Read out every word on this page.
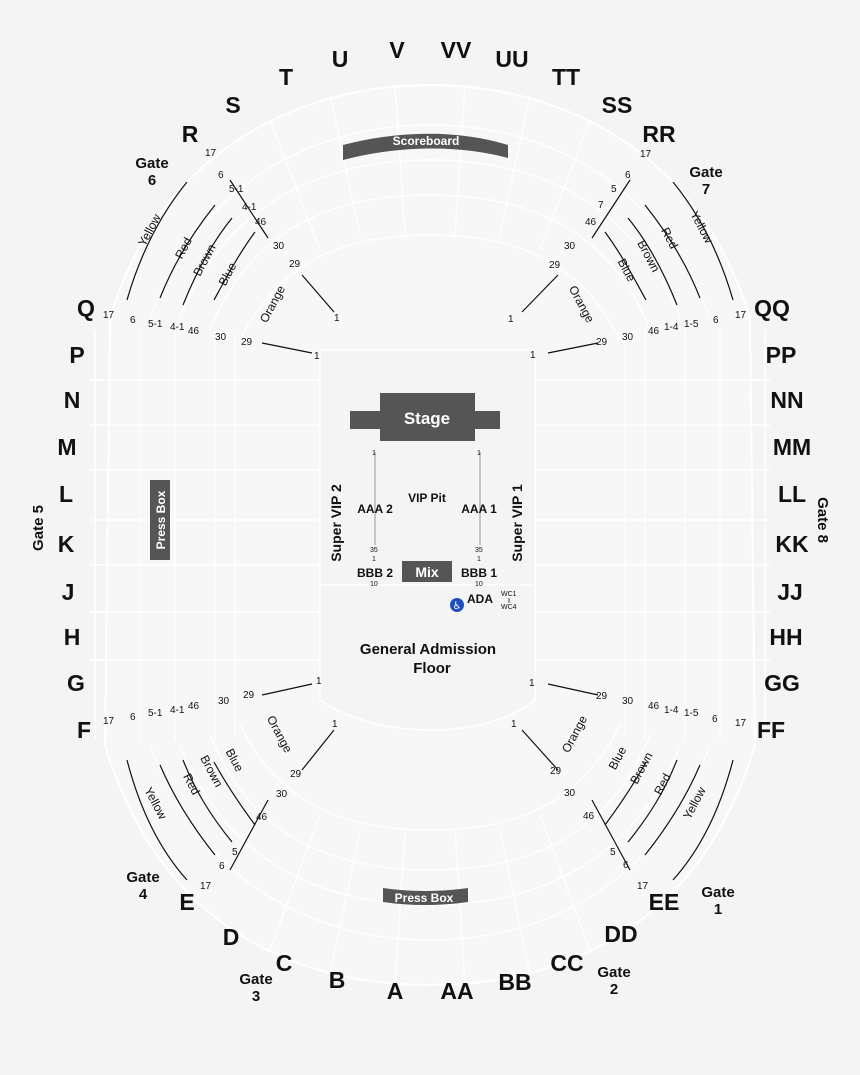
S
T
U V VV UU
TT
SS
RR
R
Q
P
N
M
L
K
J
H
G
F
E
D
C
B A
QQ
PP
NN
MM
LL
KK
JJ
HH
GG
FF
EE
DD
CC
BB
AA
Gate
6	Gate
7
Gate 5	Gate 8
Gate
4	Gate
1
Gate
3
Gate
2
Yellow Red
Brown
Blue
Orange
Yellow
Red
Brown
Blue
Orange
Yellow
Red
Brown
Blue
Orange
Yellow
Red
Brown
Blue
Orange
17
6
5-1
4-1
46
30
29
1
17 6 5-1 4-1 46
30 29
1
17
6
5
7
46
30
29
1	17
6
1-5
1-4
46
30
29
1
17 6 5-1 4-1 46 30
29
1
1
29
30
46
5
6
17
17
6
1-5
1-4
46
30
29
1
1
29
30
46
5
6
17
Scoreboard
Press Box
Press Box
Stage
Super VIP 2	Super VIP 1
1	1
AAA 2
VIP Pit
AAA 1
35	35
1	1
BBB 2	BBB 1
10	10
Mix
♿
ADA WC1
WC4
General Admission
Floor
